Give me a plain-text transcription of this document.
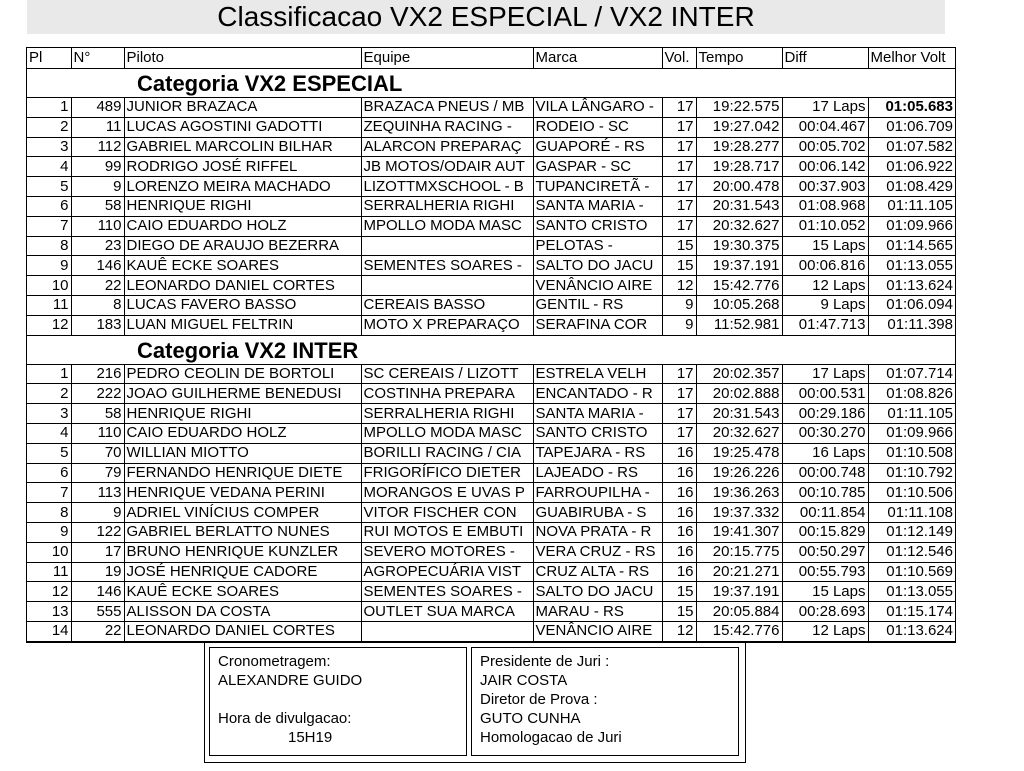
Classificacao VX2 ESPECIAL / VX2 INTER
Pl	N°	Piloto	Equipe	Marca	Vol.	Tempo	Diff	Melhor Volt
Categoria VX2 ESPECIAL								
1	489	JUNIOR BRAZACA	BRAZACA PNEUS / MB	VILA LÂNGARO -	17	19:22.575	17 Laps	01:05.683
2	11	LUCAS AGOSTINI GADOTTI	ZEQUINHA RACING -	RODEIO - SC	17	19:27.042	00:04.467	01:06.709
3	112	GABRIEL MARCOLIN BILHAR	ALARCON PREPARAÇ	GUAPORÉ - RS	17	19:28.277	00:05.702	01:07.582
4	99	RODRIGO JOSÉ RIFFEL	JB MOTOS/ODAIR AUT	GASPAR - SC	17	19:28.717	00:06.142	01:06.922
5	9	LORENZO MEIRA MACHADO	LIZOTTMXSCHOOL - B	TUPANCIRETÃ -	17	20:00.478	00:37.903	01:08.429
6	58	HENRIQUE RIGHI	SERRALHERIA RIGHI	SANTA MARIA -	17	20:31.543	01:08.968	01:11.105
7	110	CAIO EDUARDO HOLZ	MPOLLO MODA MASC	SANTO CRISTO	17	20:32.627	01:10.052	01:09.966
8	23	DIEGO DE ARAUJO BEZERRA		PELOTAS -	15	19:30.375	15 Laps	01:14.565
9	146	KAUÊ ECKE SOARES	SEMENTES SOARES -	SALTO DO JACU	15	19:37.191	00:06.816	01:13.055
10	22	LEONARDO DANIEL CORTES		VENÂNCIO AIRE	12	15:42.776	12 Laps	01:13.624
11	8	LUCAS FAVERO BASSO	CEREAIS BASSO	GENTIL - RS	9	10:05.268	9 Laps	01:06.094
12	183	LUAN MIGUEL FELTRIN	MOTO X PREPARAÇO	SERAFINA COR	9	11:52.981	01:47.713	01:11.398
Categoria VX2 INTER								
1	216	PEDRO CEOLIN DE BORTOLI	SC CEREAIS / LIZOTT	ESTRELA VELH	17	20:02.357	17 Laps	01:07.714
2	222	JOAO GUILHERME BENEDUSI	COSTINHA PREPARA	ENCANTADO - R	17	20:02.888	00:00.531	01:08.826
3	58	HENRIQUE RIGHI	SERRALHERIA RIGHI	SANTA MARIA -	17	20:31.543	00:29.186	01:11.105
4	110	CAIO EDUARDO HOLZ	MPOLLO MODA MASC	SANTO CRISTO	17	20:32.627	00:30.270	01:09.966
5	70	WILLIAN MIOTTO	BORILLI RACING / CIA	TAPEJARA - RS	16	19:25.478	16 Laps	01:10.508
6	79	FERNANDO HENRIQUE DIETE	FRIGORÍFICO DIETER	LAJEADO - RS	16	19:26.226	00:00.748	01:10.792
7	113	HENRIQUE VEDANA PERINI	MORANGOS E UVAS P	FARROUPILHA -	16	19:36.263	00:10.785	01:10.506
8	9	ADRIEL VINÍCIUS COMPER	VITOR FISCHER CON	GUABIRUBA - S	16	19:37.332	00:11.854	01:11.108
9	122	GABRIEL BERLATTO NUNES	RUI MOTOS E EMBUTI	NOVA PRATA - R	16	19:41.307	00:15.829	01:12.149
10	17	BRUNO HENRIQUE KUNZLER	SEVERO MOTORES -	VERA CRUZ - RS	16	20:15.775	00:50.297	01:12.546
11	19	JOSÉ HENRIQUE CADORE	AGROPECUÁRIA VIST	CRUZ ALTA - RS	16	20:21.271	00:55.793	01:10.569
12	146	KAUÊ ECKE SOARES	SEMENTES SOARES -	SALTO DO JACU	15	19:37.191	15 Laps	01:13.055
13	555	ALISSON DA COSTA	OUTLET SUA MARCA	MARAU - RS	15	20:05.884	00:28.693	01:15.174
14	22	LEONARDO DANIEL CORTES		VENÂNCIO AIRE	12	15:42.776	12 Laps	01:13.624
Cronometragem:
ALEXANDRE GUIDO
Hora de divulgacao:
15H19
Presidente de Juri :
JAIR COSTA
Diretor de Prova :
GUTO CUNHA
Homologacao de Juri
